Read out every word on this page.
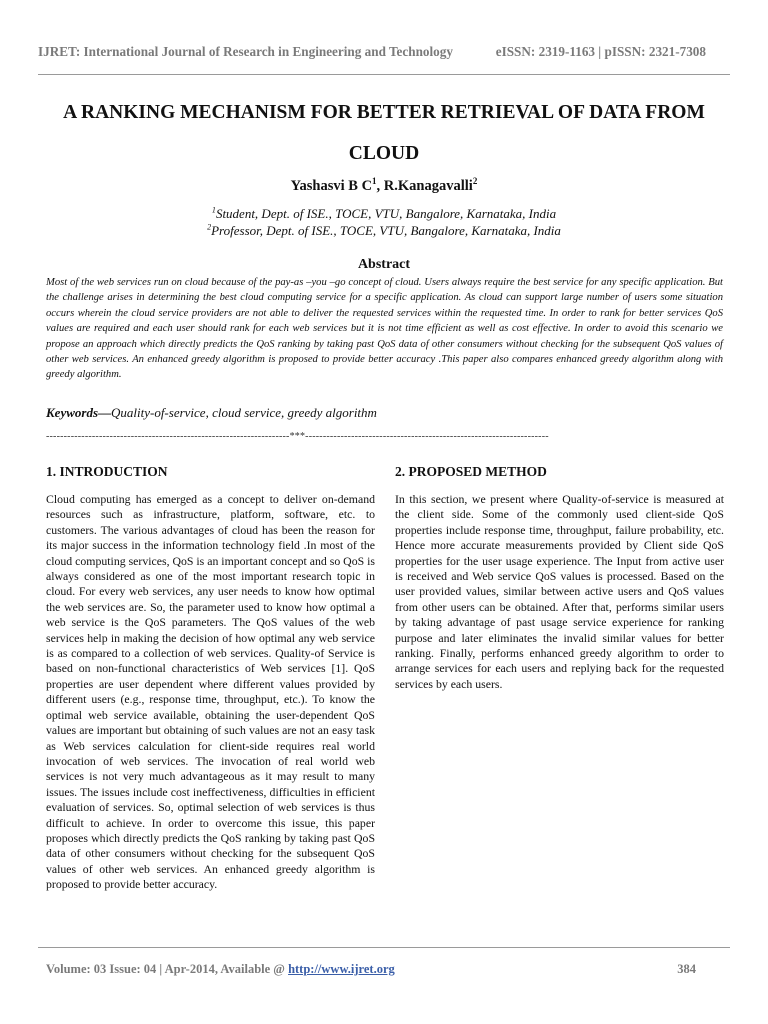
IJRET: International Journal of Research in Engineering and Technology	eISSN: 2319-1163 | pISSN: 2321-7308
A RANKING MECHANISM FOR BETTER RETRIEVAL OF DATA FROM
CLOUD
Yashasvi B $C^1$, R.Kanagavalli$^2$
$^1$Student, Dept. of ISE., TOCE, VTU, Bangalore, Karnataka, India
$^2$Professor, Dept. of ISE., TOCE, VTU, Bangalore, Karnataka, India
Abstract
Most of the web services run on cloud because of the pay-as –you –go concept of cloud. Users always require the best service for any specific application. But the challenge arises in determining the best cloud computing service for a specific application. As cloud can support large number of users some situation occurs wherein the cloud service providers are not able to deliver the requested services within the requested time. In order to rank for better services QoS values are required and each user should rank for each web services but it is not time efficient as well as cost effective. In order to avoid this scenario we propose an approach which directly predicts the QoS ranking by taking past QoS data of other consumers without checking for the subsequent QoS values of other web services. An enhanced greedy algorithm is proposed to provide better accuracy .This paper also compares enhanced greedy algorithm along with greedy algorithm.
Keywords—Quality-of-service, cloud service, greedy algorithm
---------------------------------------------------------------------***---------------------------------------------------------------------
1. INTRODUCTION

Cloud computing has emerged as a concept to deliver on-demand resources such as infrastructure, platform, software, etc. to customers. The various advantages of cloud has been the reason for its major success in the information technology field .In most of the cloud computing services, QoS is an important concept and so QoS is always considered as one of the most important research topic in cloud. For every web services, any user needs to know how optimal the web services are. So, the parameter used to know how optimal a web service is the QoS parameters. The QoS values of the web services help in making the decision of how optimal any web service is as compared to a collection of web services. Quality-of Service is based on non-functional characteristics of Web services [1]. QoS properties are user dependent where different values provided by different users (e.g., response time, throughput, etc.). To know the optimal web service available, obtaining the user-dependent QoS values are important but obtaining of such values are not an easy task as Web services calculation for client-side requires real world invocation of web services. The invocation of real world web services is not very much advantageous as it may result to many issues. The issues include cost ineffectiveness, difficulties in efficient evaluation of services. So, optimal selection of web services is thus difficult to achieve. In order to overcome this issue, this paper proposes which directly predicts the QoS ranking by taking past QoS data of other consumers without checking for the subsequent QoS values of other web services. An enhanced greedy algorithm is proposed to provide better accuracy.

2. PROPOSED METHOD

In this section, we present where Quality-of-service is measured at the client side. Some of the commonly used client-side QoS properties include response time, throughput, failure probability, etc. Hence more accurate measurements provided by Client side QoS properties for the user usage experience. The Input from active user is received and Web service QoS values is processed. Based on the user provided values, similar between active users and QoS values from other users can be obtained. After that, performs similar users by taking advantage of past usage service experience for ranking purpose and later eliminates the invalid similar values for better ranking. Finally, performs enhanced greedy algorithm to order to arrange services for each users and replying back for the requested services by each users.

Volume: 03 Issue: 04 | Apr-2014, Available @ http://www.ijret.org	384
